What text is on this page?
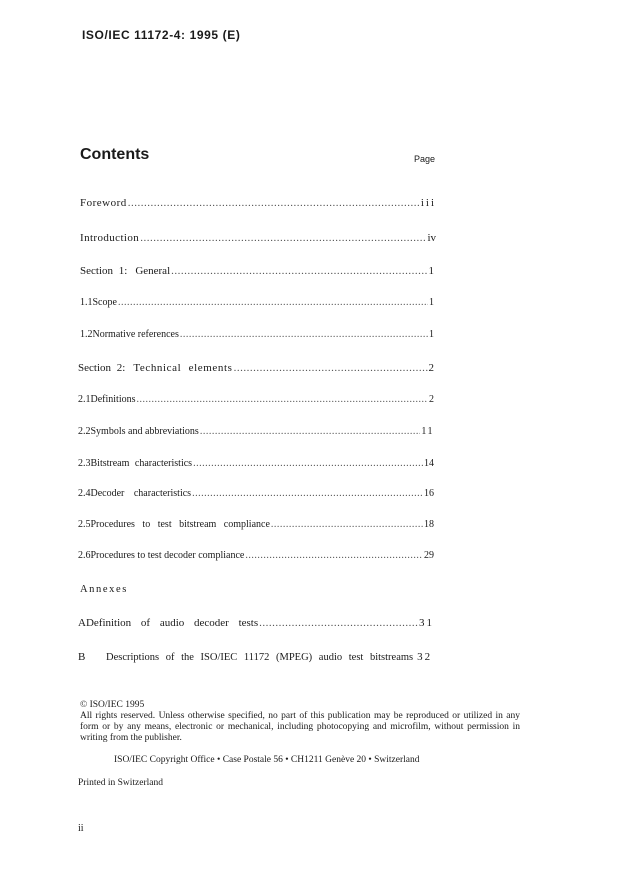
ISO/IEC 11172-4: 1995 (E)
Contents	Page
Foreword .....	iii
Introduction .....	iv
Section 1: General .....	1
1.1 Scope .....	1
1.2 Normative references .....	1
Section 2: Technical elements .....	2
2.1 Definitions .....	2
2.2 Symbols and abbreviations .....	11
2.3 Bitstream characteristics .....	14
2.4 Decoder characteristics .....	16
2.5 Procedures to test bitstream compliance .....	18
2.6 Procedures to test decoder compliance .....	29
Annexes
A Definition of audio decoder tests .....	31
B	Descriptions of the ISO/IEC 11172 (MPEG) audio test bitstreams 32

© ISO/IEC 1995

All rights reserved. Unless otherwise specified, no part of this publication may be reproduced or utilized in any form or by any means, electronic or mechanical, including photocopying and microfilm, without permission in writing from the publisher.

ISO/IEC Copyright Office • Case Postale 56 • CH1211 Genève 20 • Switzerland
Printed in Switzerland
ii
